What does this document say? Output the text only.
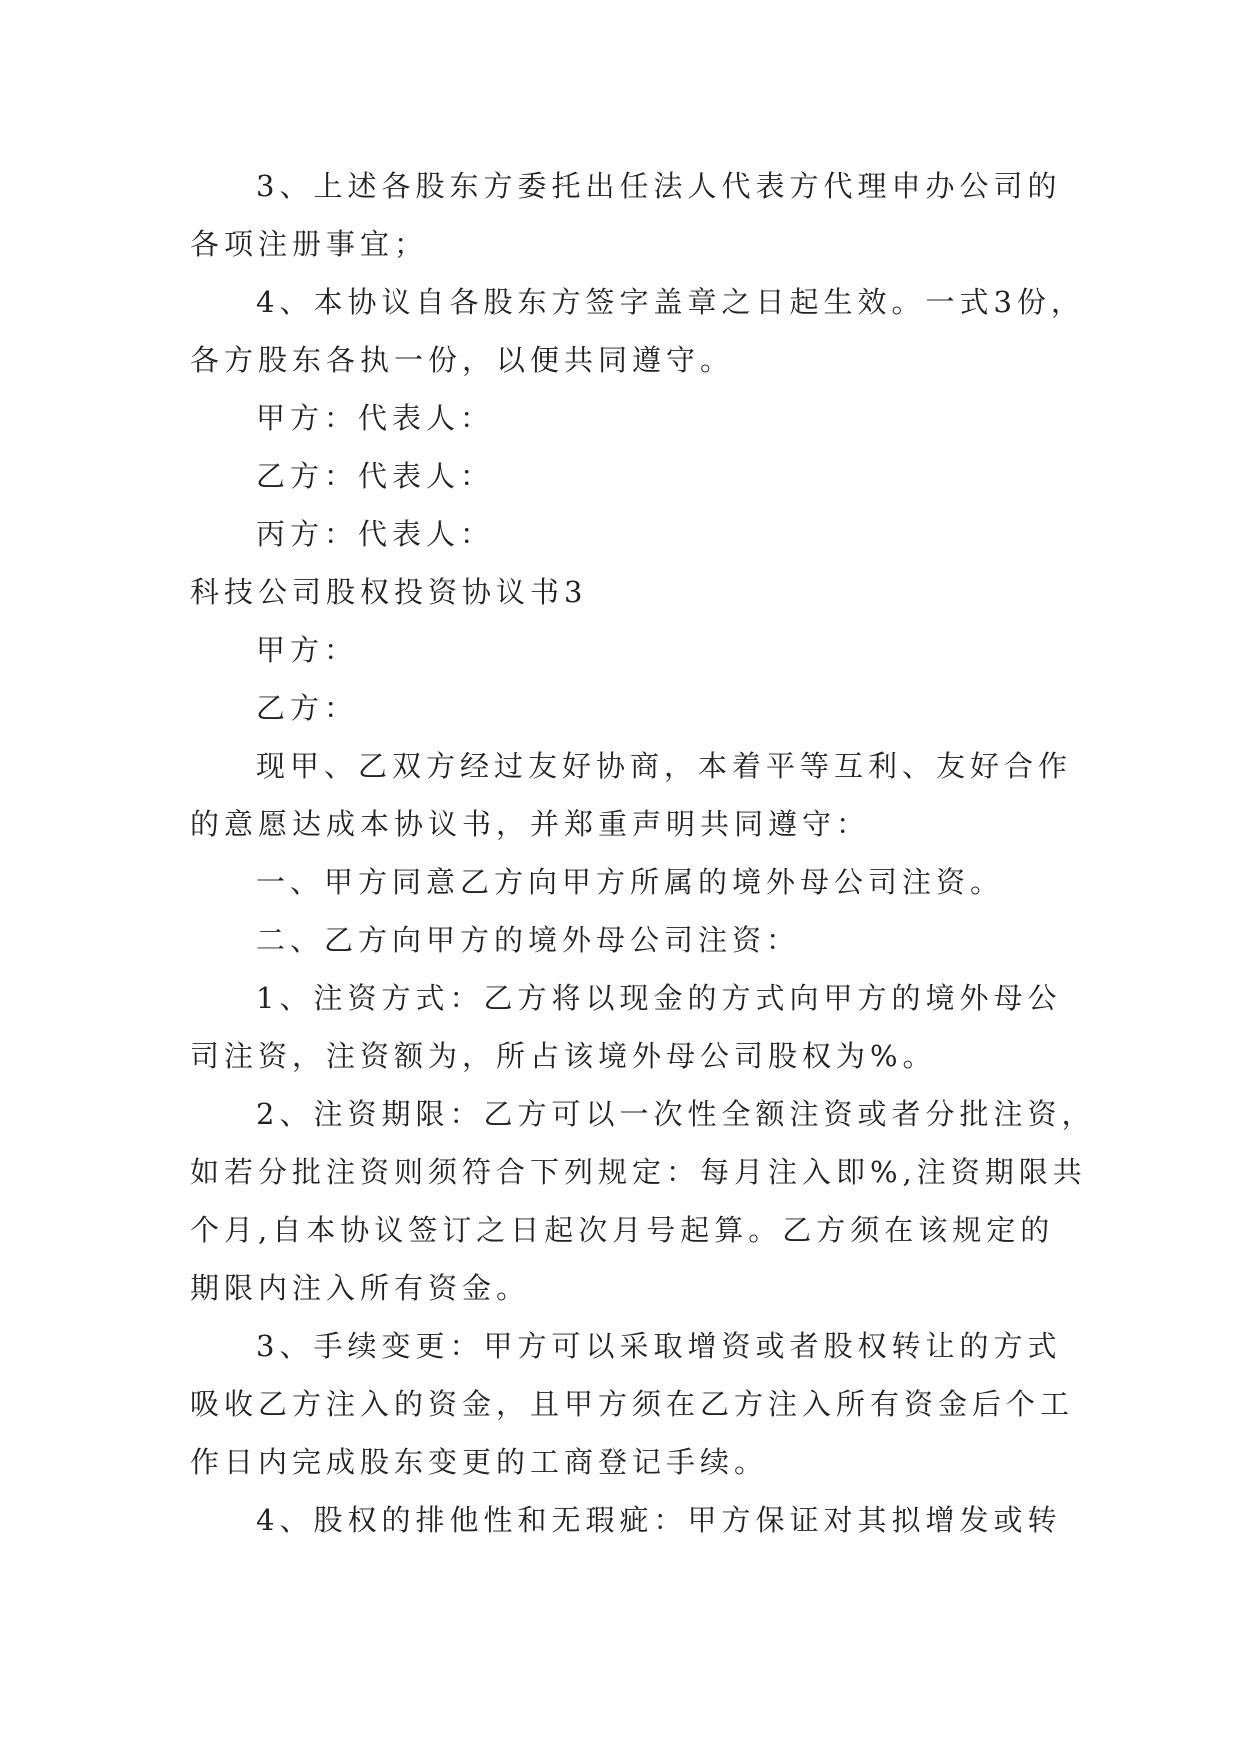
3、上述各股东方委托出任法人代表方代理申办公司的
各项注册事宜；
4、本协议自各股东方签字盖章之日起生效。一式3份，
各方股东各执一份，以便共同遵守。
甲方：代表人：
乙方：代表人：
丙方：代表人：
科技公司股权投资协议书3
甲方：
乙方：
现甲、乙双方经过友好协商，本着平等互利、友好合作
的意愿达成本协议书，并郑重声明共同遵守：
一、甲方同意乙方向甲方所属的境外母公司注资。
二、乙方向甲方的境外母公司注资：
1、注资方式：乙方将以现金的方式向甲方的境外母公
司注资，注资额为，所占该境外母公司股权为%。
2、注资期限：乙方可以一次性全额注资或者分批注资，
如若分批注资则须符合下列规定：每月注入即%,注资期限共
个月,自本协议签订之日起次月号起算。乙方须在该规定的
期限内注入所有资金。
3、手续变更：甲方可以采取增资或者股权转让的方式
吸收乙方注入的资金，且甲方须在乙方注入所有资金后个工
作日内完成股东变更的工商登记手续。
4、股权的排他性和无瑕疵：甲方保证对其拟增发或转
